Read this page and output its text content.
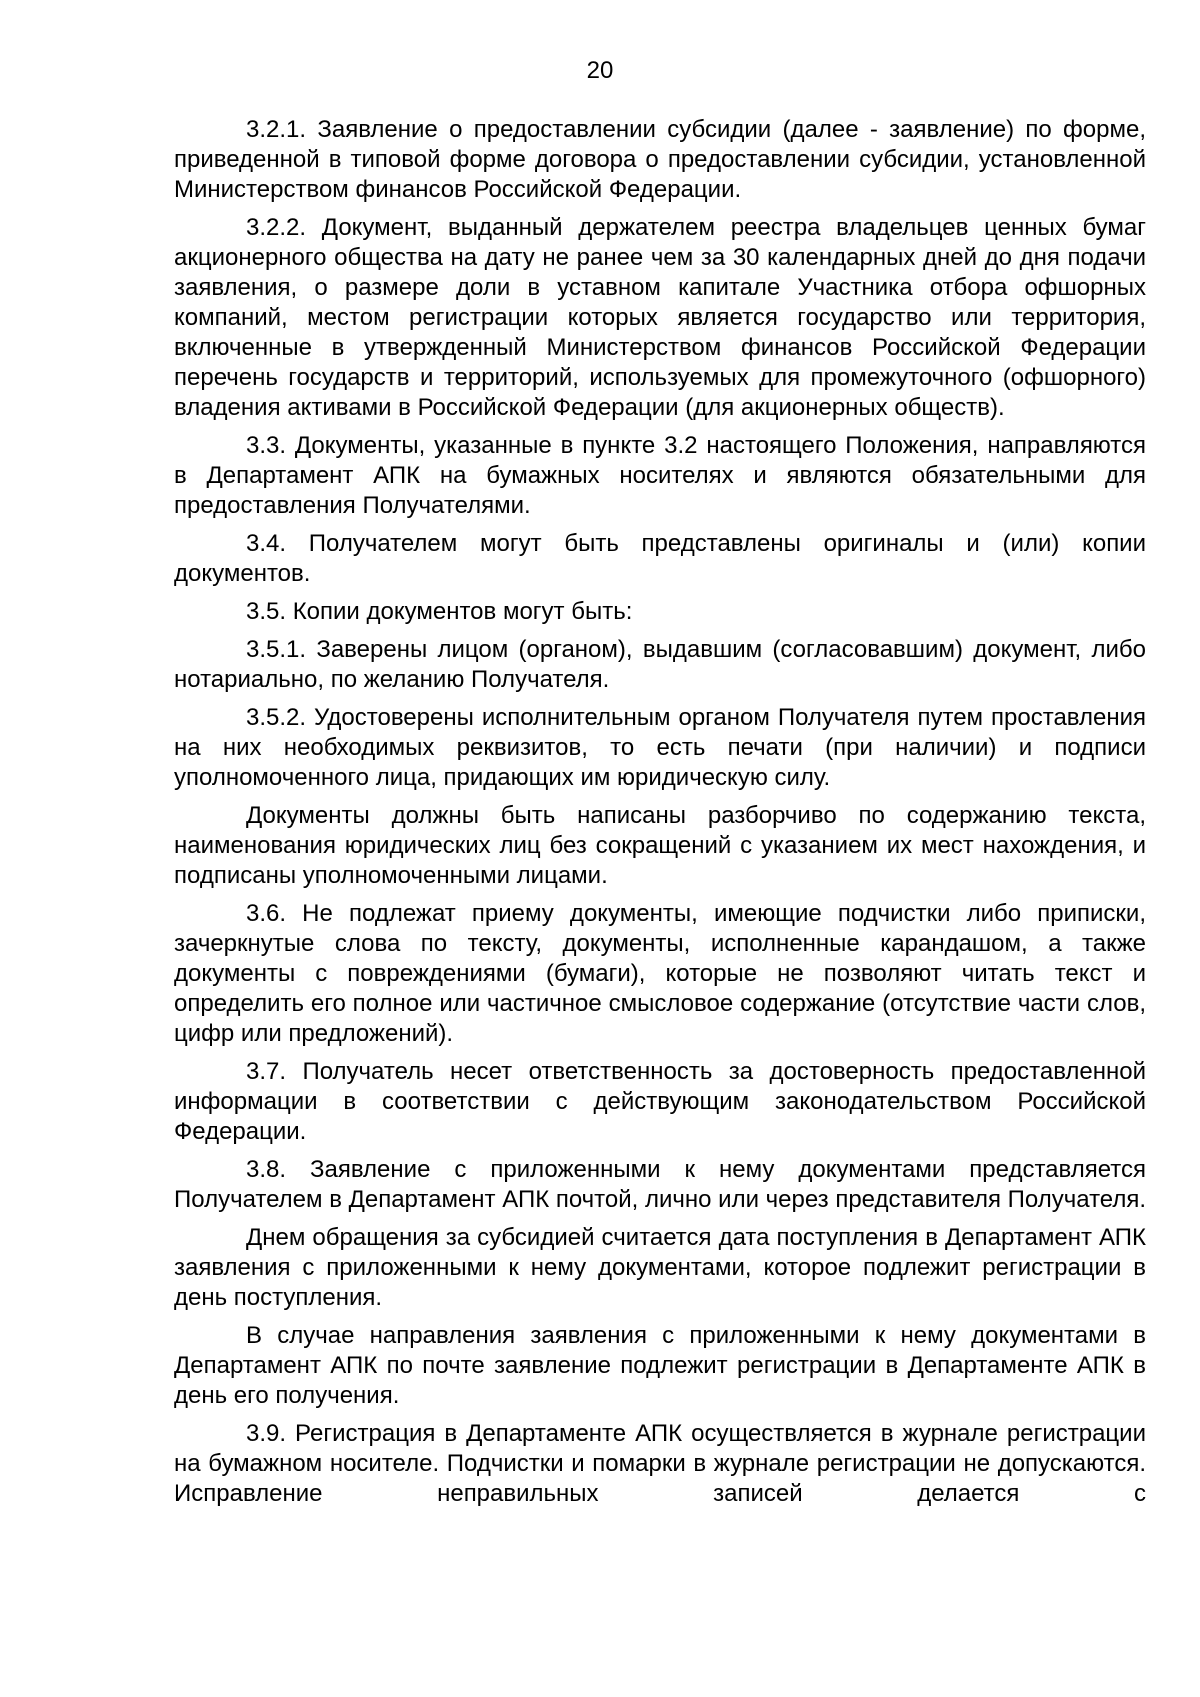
20

3.2.1. Заявление о предоставлении субсидии (далее - заявление) по форме, приведенной в типовой форме договора о предоставлении субсидии, установленной Министерством финансов Российской Федерации.

3.2.2. Документ, выданный держателем реестра владельцев ценных бумаг акционерного общества на дату не ранее чем за 30 календарных дней до дня подачи заявления, о размере доли в уставном капитале Участника отбора офшорных компаний, местом регистрации которых является государство или территория, включенные в утвержденный Министерством финансов Российской Федерации перечень государств и территорий, используемых для промежуточного (офшорного) владения активами в Российской Федерации (для акционерных обществ).

3.3. Документы, указанные в пункте 3.2 настоящего Положения, направляются в Департамент АПК на бумажных носителях и являются обязательными для предоставления Получателями.

3.4. Получателем могут быть представлены оригиналы и (или) копии документов.

3.5. Копии документов могут быть:

3.5.1. Заверены лицом (органом), выдавшим (согласовавшим) документ, либо нотариально, по желанию Получателя.

3.5.2. Удостоверены исполнительным органом Получателя путем проставления на них необходимых реквизитов, то есть печати (при наличии) и подписи уполномоченного лица, придающих им юридическую силу.

Документы должны быть написаны разборчиво по содержанию текста, наименования юридических лиц без сокращений с указанием их мест нахождения, и подписаны уполномоченными лицами.

3.6. Не подлежат приему документы, имеющие подчистки либо приписки, зачеркнутые слова по тексту, документы, исполненные карандашом, а также документы с повреждениями (бумаги), которые не позволяют читать текст и определить его полное или частичное смысловое содержание (отсутствие части слов, цифр или предложений).

3.7. Получатель несет ответственность за достоверность предоставленной информации в соответствии с действующим законодательством Российской Федерации.

3.8. Заявление с приложенными к нему документами представляется Получателем в Департамент АПК почтой, лично или через представителя Получателя.

Днем обращения за субсидией считается дата поступления в Департамент АПК заявления с приложенными к нему документами, которое подлежит регистрации в день поступления.

В случае направления заявления с приложенными к нему документами в Департамент АПК по почте заявление подлежит регистрации в Департаменте АПК в день его получения.

3.9. Регистрация в Департаменте АПК осуществляется в журнале регистрации на бумажном носителе. Подчистки и помарки в журнале регистрации не допускаются. Исправление неправильных записей делается с
